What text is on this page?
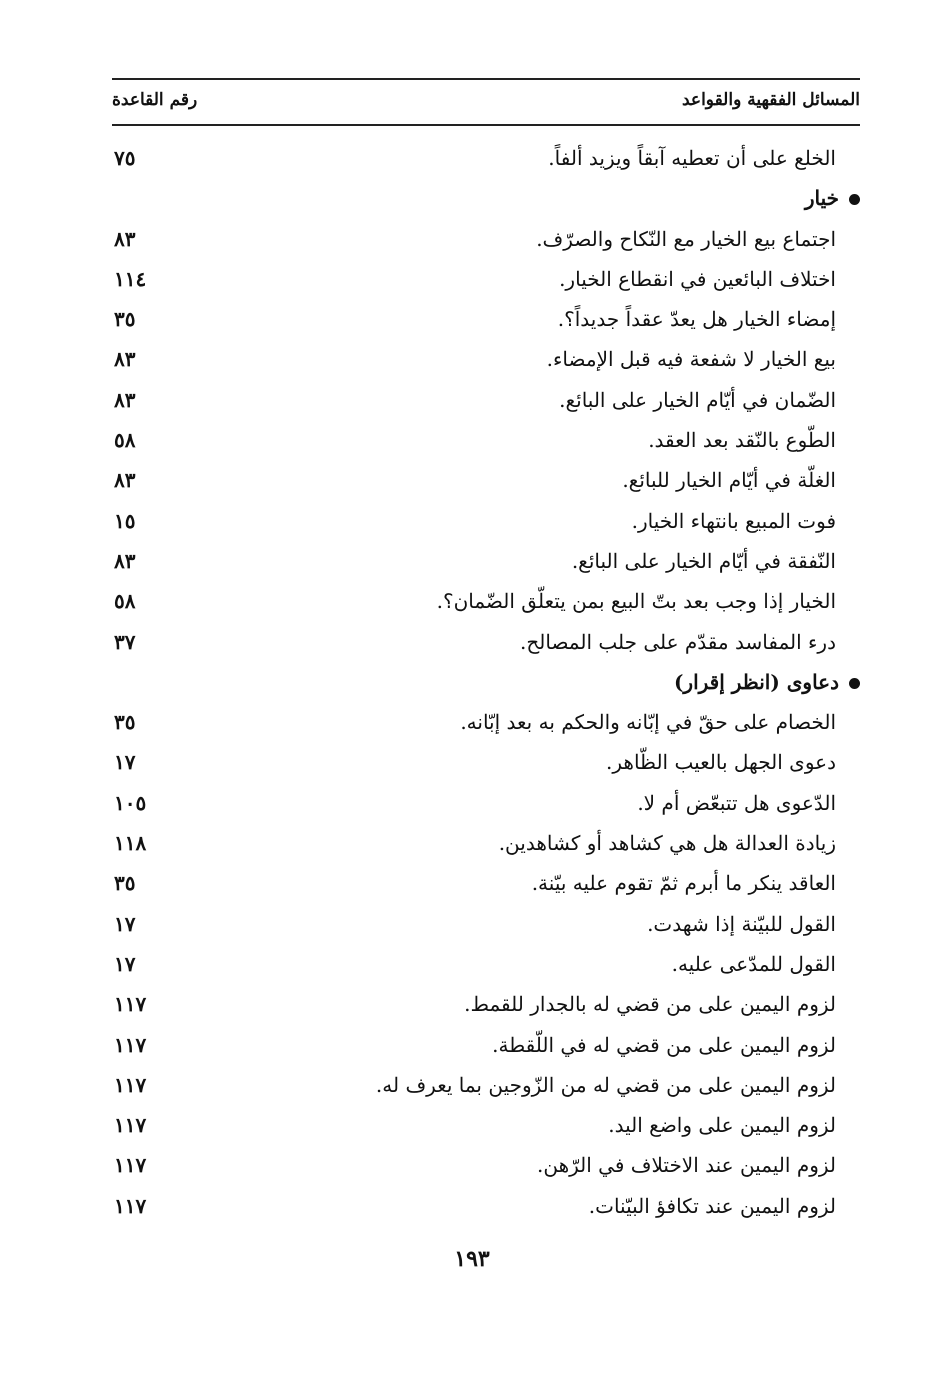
المسائل الفقهية والقواعد
رقم القاعدة
الخلع على أن تعطيه آبقاً ويزيد ألفاً.
٧٥
خيار
اجتماع بيع الخيار مع النّكاح والصرّف.
٨٣
اختلاف البائعين في انقطاع الخيار.
١١٤
إمضاء الخيار هل يعدّ عقداً جديداً؟.
٣٥
بيع الخيار لا شفعة فيه قبل الإمضاء.
٨٣
الضّمان في أيّام الخيار على البائع.
٨٣
الطّوع بالنّقد بعد العقد.
٥٨
الغلّة في أيّام الخيار للبائع.
٨٣
فوت المبيع بانتهاء الخيار.
١٥
النّفقة في أيّام الخيار على البائع.
٨٣
الخيار إذا وجب بعد بتّ البيع بمن يتعلّق الضّمان؟.
٥٨
درء المفاسد مقدّم على جلب المصالح.
٣٧
دعاوى (انظر إقرار)
الخصام على حقّ في إبّانه والحكم به بعد إبّانه.
٣٥
دعوى الجهل بالعيب الظّاهر.
١٧
الدّعوى هل تتبعّض أم لا.
١٠٥
زيادة العدالة هل هي كشاهد أو كشاهدين.
١١٨
العاقد ينكر ما أبرم ثمّ تقوم عليه بيّنة.
٣٥
القول للبيّنة إذا شهدت.
١٧
القول للمدّعى عليه.
١٧
لزوم اليمين على من قضي له بالجدار للقمط.
١١٧
لزوم اليمين على من قضي له في اللّقطة.
١١٧
لزوم اليمين على من قضي له من الزّوجين بما يعرف له.
١١٧
لزوم اليمين على واضع اليد.
١١٧
لزوم اليمين عند الاختلاف في الرّهن.
١١٧
لزوم اليمين عند تكافؤ البيّنات.
١١٧
١٩٣
